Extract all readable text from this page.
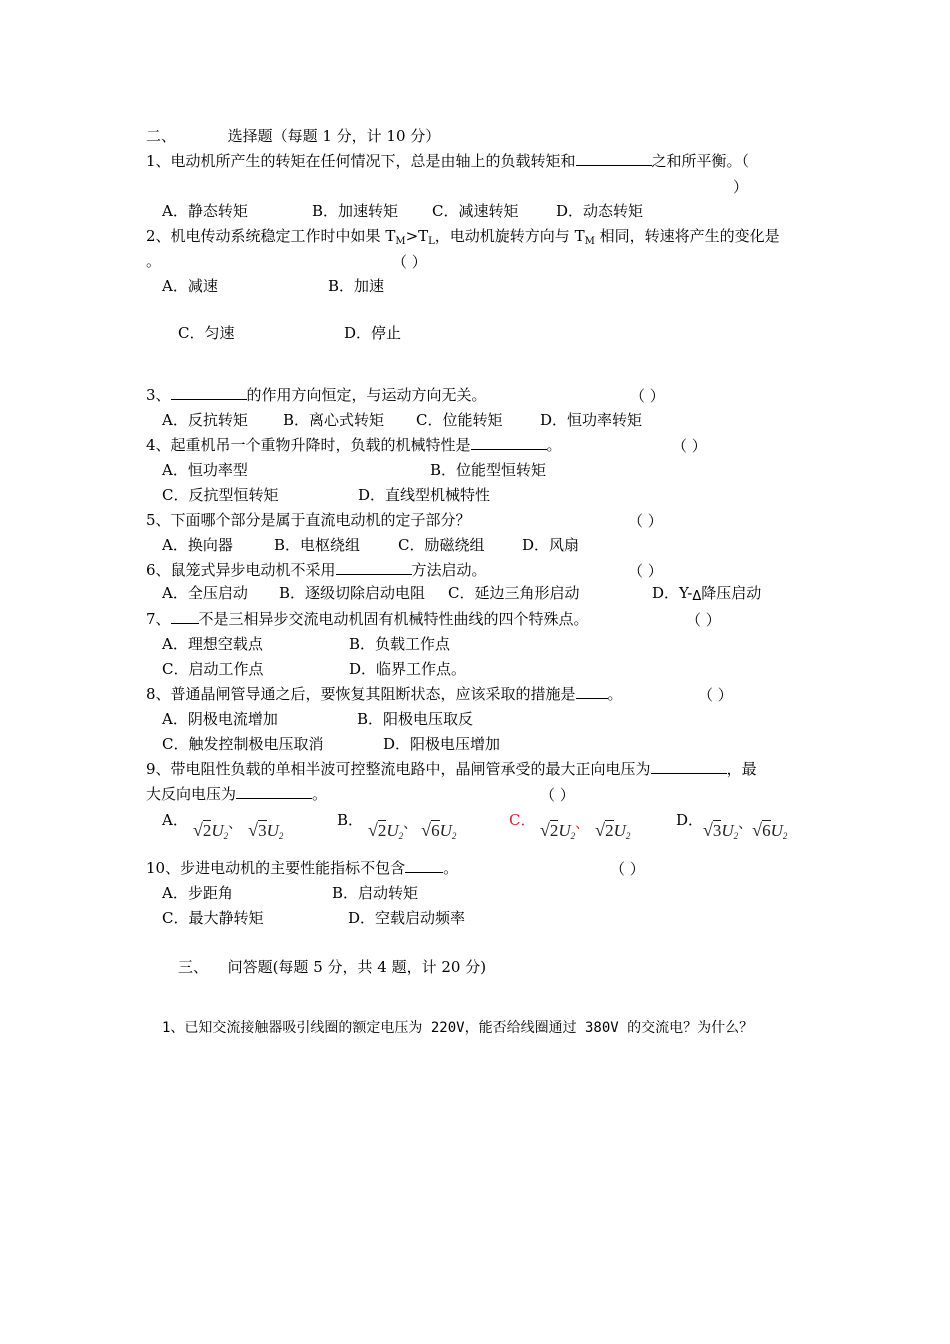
二、	选择题（每题 1 分，计 10 分）
1、电动机所产生的转矩在任何情况下，总是由轴上的负载转矩和	之和所平衡。（
）
A．静态转矩	B．加速转矩 C．减速转矩	D．动态转矩
2、机电传动系统稳定工作时中如果 $T_M>T_L$，电动机旋转方向与 $T_M$ 相同，转速将产生的变化是
。	（ ）
A．减速	B．加速
C．匀速	D．停止
3、	的作用方向恒定，与运动方向无关。	（ ）
A．反抗转矩 B．离心式转矩 C．位能转矩	D．恒功率转矩
4、起重机吊一个重物升降时，负载的机械特性是	。	（ ）
A．恒功率型	B．位能型恒转矩
C．反抗型恒转矩	D．直线型机械特性
5、下面哪个部分是属于直流电动机的定子部分？	（ ）
A．换向器	B．电枢绕组	C．励磁绕组	D．风扇
6、鼠笼式异步电动机不采用	方法启动。	（ ）
A．全压启动 B．逐级切除启动电阻 C．延边三角形启动	D．Y-Δ降压启动
7、 不是三相异步交流电动机固有机械特性曲线的四个特殊点。	（ ）
A．理想空载点	B．负载工作点
C．启动工作点	D．临界工作点。
8、普通晶闸管导通之后，要恢复其阻断状态，应该采取的措施是 。	（ ）
A．阴极电流增加	B．阳极电压取反
C．触发控制极电压取消	D．阳极电压增加
9、带电阻性负载的单相半波可控整流电路中，晶闸管承受的最大正向电压为	，最
大反向电压为	。	（ ）
A． $√2U_2^、$ $√3U_2$
B． $√2U_2^、$ $√6U_2$
C． $√2U_2^、$ $√2U_2$
D． $√3U_2^、√6U_2$
10、步进电动机的主要性能指标不包含	。	（ ）
A．步距角	B．启动转矩
C．最大静转矩	D．空载启动频率
三、 问答题(每题 5 分，共 4 题，计 20 分)
1、已知交流接触器吸引线圈的额定电压为 220V，能否给线圈通过 380V 的交流电？为什么？
